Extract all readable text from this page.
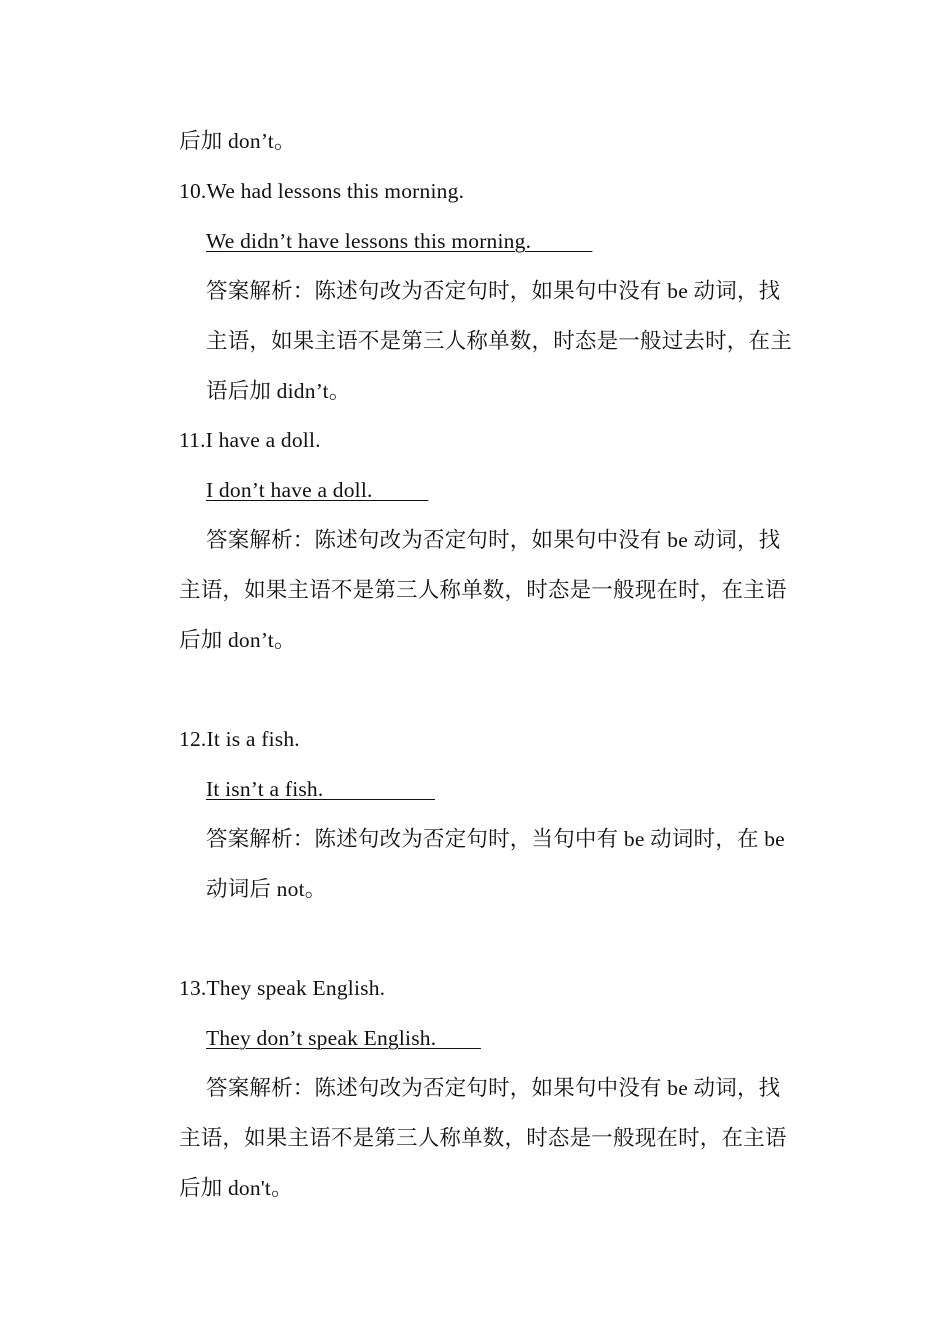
后加 don’t。
10.We had lessons this morning.
We didn’t have lessons this morning.
答案解析：陈述句改为否定句时，如果句中没有 be 动词，找
主语，如果主语不是第三人称单数，时态是一般过去时，在主
语后加 didn’t。
11.I have a doll.
I don’t have a doll.
答案解析：陈述句改为否定句时，如果句中没有 be 动词，找
主语，如果主语不是第三人称单数，时态是一般现在时，在主语
后加 don’t。
12.It is a fish.
It isn’t a fish.
答案解析：陈述句改为否定句时，当句中有 be 动词时，在 be
动词后 not。
13.They speak English.
They don’t speak English.
答案解析：陈述句改为否定句时，如果句中没有 be 动词，找
主语，如果主语不是第三人称单数，时态是一般现在时，在主语
后加 don't。
